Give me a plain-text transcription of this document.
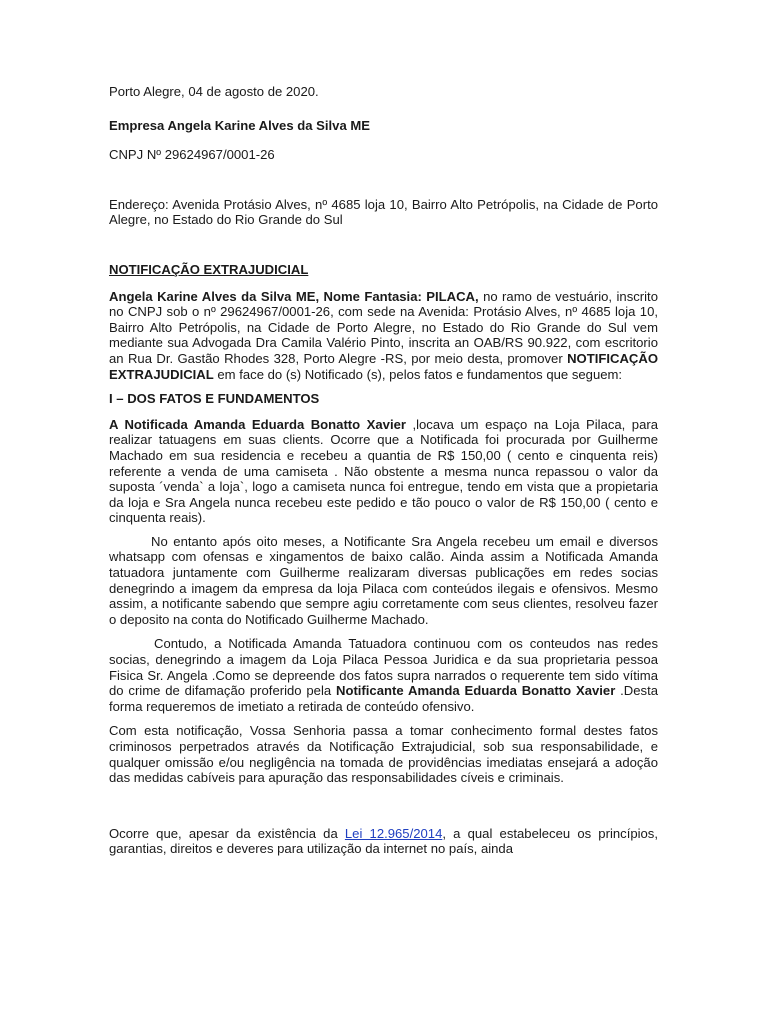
Porto Alegre, 04 de agosto de 2020.

Empresa Angela Karine Alves da Silva ME

CNPJ Nº 29624967/0001-26

Endereço: Avenida Protásio Alves, nº 4685 loja 10, Bairro Alto Petrópolis, na Cidade de Porto Alegre, no Estado do Rio Grande do Sul

NOTIFICAÇÃO EXTRAJUDICIAL

Angela Karine Alves da Silva ME, Nome Fantasia: PILACA, no ramo de vestuário, inscrito no CNPJ sob o nº 29624967/0001-26, com sede na Avenida: Protásio Alves, nº 4685 loja 10, Bairro Alto Petrópolis, na Cidade de Porto Alegre, no Estado do Rio Grande do Sul vem mediante sua Advogada Dra Camila Valério Pinto, inscrita an OAB/RS 90.922, com escritorio an Rua Dr. Gastão Rhodes 328, Porto Alegre -RS, por meio desta, promover NOTIFICAÇÃO EXTRAJUDICIAL em face do (s) Notificado (s), pelos fatos e fundamentos que seguem:

I – DOS FATOS E FUNDAMENTOS

A Notificada Amanda Eduarda Bonatto Xavier ,locava um espaço na Loja Pilaca, para realizar tatuagens em suas clients. Ocorre que a Notificada foi procurada por Guilherme Machado em sua residencia e recebeu a quantia de R$ 150,00 ( cento e cinquenta reis) referente a venda de uma camiseta . Não obstente a mesma nunca repassou o valor da suposta ´venda` a loja`, logo a camiseta nunca foi entregue, tendo em vista que a propietaria da loja e Sra Angela nunca recebeu este pedido e tão pouco o valor de R$ 150,00 ( cento e cinquenta reais).

No entanto após oito meses, a Notificante Sra Angela recebeu um email e diversos whatsapp com ofensas e xingamentos de baixo calão. Ainda assim a Notificada Amanda tatuadora juntamente com Guilherme realizaram diversas publicações em redes socias denegrindo a imagem da empresa da loja Pilaca com conteúdos ilegais e ofensivos. Mesmo assim, a notificante sabendo que sempre agiu corretamente com seus clientes, resolveu fazer o deposito na conta do Notificado Guilherme Machado.

Contudo, a Notificada Amanda Tatuadora continuou com os conteudos nas redes socias, denegrindo a imagem da Loja Pilaca Pessoa Juridica e da sua proprietaria pessoa Fisica Sr. Angela .Como se depreende dos fatos supra narrados o requerente tem sido vítima do crime de difamação proferido pela Notificante Amanda Eduarda Bonatto Xavier .Desta forma requeremos de imetiato a retirada de conteúdo ofensivo.

Com esta notificação, Vossa Senhoria passa a tomar conhecimento formal destes fatos criminosos perpetrados através da Notificação Extrajudicial, sob sua responsabilidade, e qualquer omissão e/ou negligência na tomada de providências imediatas ensejará a adoção das medidas cabíveis para apuração das responsabilidades cíveis e criminais.

Ocorre que, apesar da existência da Lei 12.965/2014, a qual estabeleceu os princípios, garantias, direitos e deveres para utilização da internet no país, ainda
